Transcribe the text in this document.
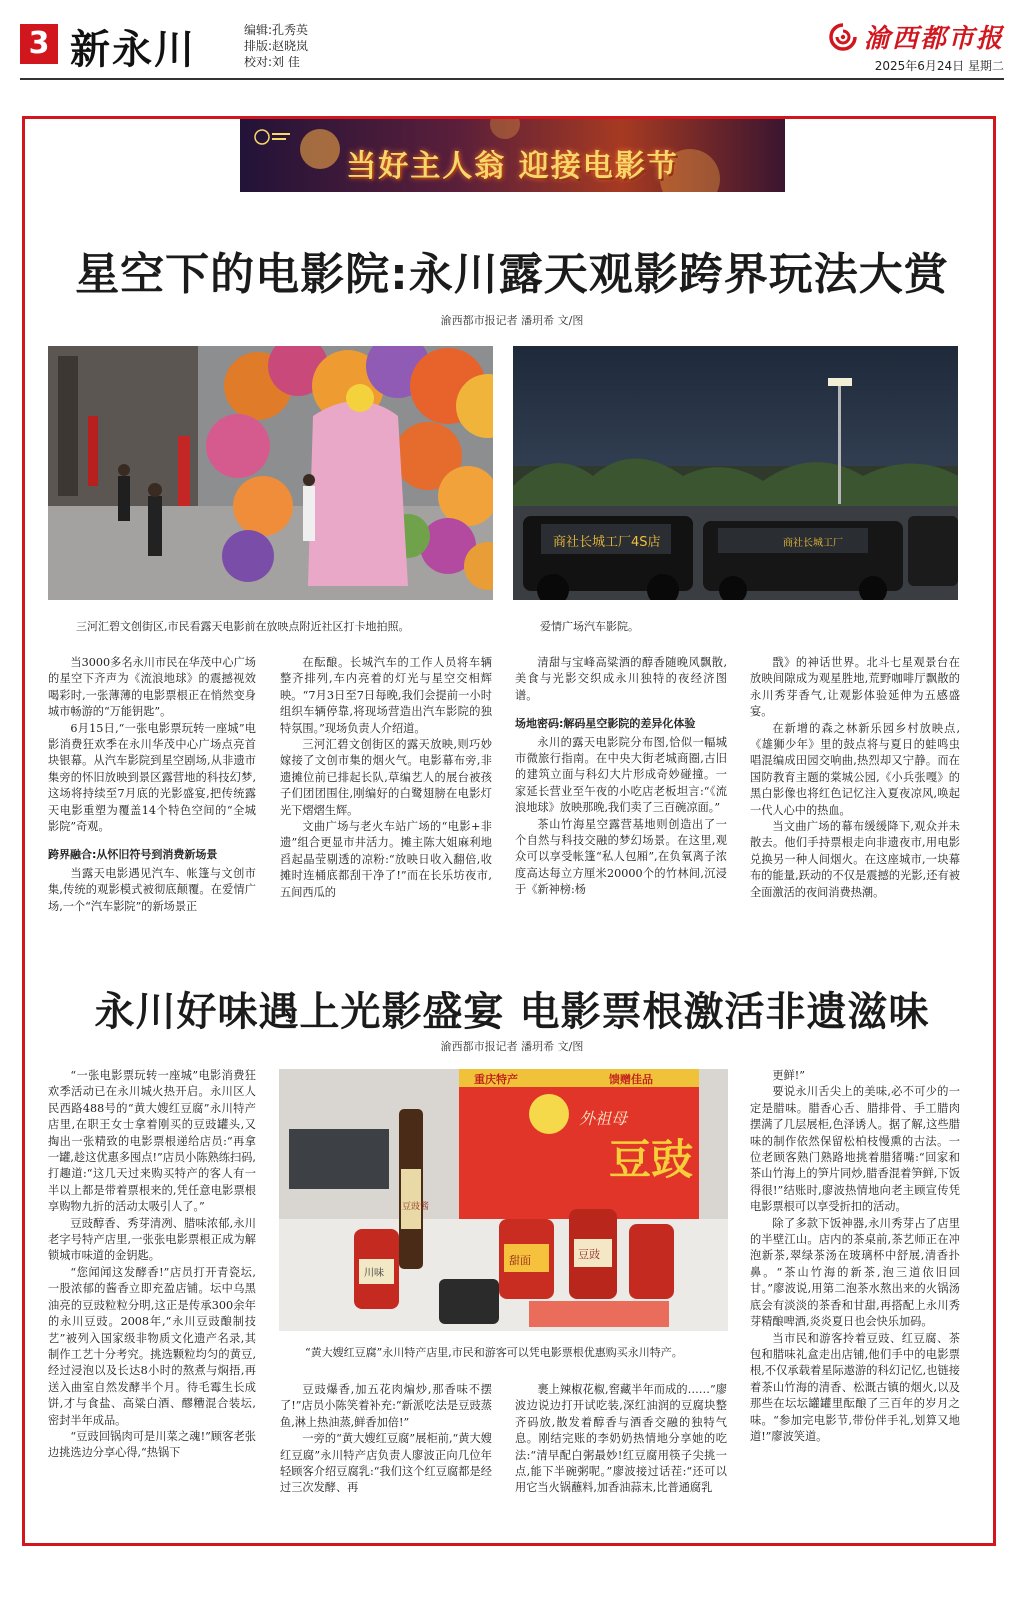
3 新永川	编辑:孔秀英
排版:赵晓岚
校对:刘 佳
渝西都市报
2025年6月24日 星期二
当好主人翁 迎接电影节
星空下的电影院:永川露天观影跨界玩法大赏
渝西都市报记者 潘玥希 文/图
商社长城工厂4S店	商社长城工厂
三河汇碧文创街区,市民看露天电影前在放映点附近社区打卡地拍照。	爱情广场汽车影院。

当3000多名永川市民在华茂中心广场的星空下齐声为《流浪地球》的震撼视效喝彩时,一张薄薄的电影票根正在悄然变身城市畅游的“万能钥匙”。

6月15日,“一张电影票玩转一座城”电影消费狂欢季在永川华茂中心广场点亮首块银幕。从汽车影院到星空剧场,从非遗市集旁的怀旧放映到景区露营地的科技幻梦,这场将持续至7月底的光影盛宴,把传统露天电影重塑为覆盖14个特色空间的“全城影院”奇观。

跨界融合:从怀旧符号到消费新场景

当露天电影遇见汽车、帐篷与文创市集,传统的观影模式被彻底颠覆。在爱情广场,一个“汽车影院”的新场景正

在酝酿。长城汽车的工作人员将车辆整齐排列,车内亮着的灯光与星空交相辉映。“7月3日至7日每晚,我们会提前一小时组织车辆停靠,将现场营造出汽车影院的独特氛围。”现场负责人介绍道。

三河汇碧文创街区的露天放映,则巧妙嫁接了文创市集的烟火气。电影幕布旁,非遗摊位前已排起长队,草编艺人的展台被孩子们团团围住,刚编好的白鹭翅膀在电影灯光下熠熠生辉。

文曲广场与老火车站广场的“电影+非遗”组合更显市井活力。摊主陈大姐麻利地舀起晶莹剔透的凉粉:“放映日收入翻倍,收摊时连桶底都刮干净了!”而在长乐坊夜市,五间西瓜的

清甜与宝峰高粱酒的醇香随晚风飘散,美食与光影交织成永川独特的夜经济图谱。

场地密码:解码星空影院的差异化体验

永川的露天电影院分布图,恰似一幅城市微旅行指南。在中央大街老城商圈,古旧的建筑立面与科幻大片形成奇妙碰撞。一家延长营业至午夜的小吃店老板坦言:“《流浪地球》放映那晚,我们卖了三百碗凉面。”

茶山竹海星空露营基地则创造出了一个自然与科技交融的梦幻场景。在这里,观众可以享受帐篷“私人包厢”,在负氧离子浓度高达每立方厘米20000个的竹林间,沉浸于《新神榜:杨

戬》的神话世界。北斗七星观景台在放映间隙成为观星胜地,荒野咖啡厅飘散的永川秀芽香气,让观影体验延伸为五感盛宴。

在新增的森之林新乐园乡村放映点,《雄狮少年》里的鼓点将与夏日的蛙鸣虫唱混编成田园交响曲,热烈却又宁静。而在国防教育主题的棠城公园,《小兵张嘎》的黑白影像也将红色记忆注入夏夜凉风,唤起一代人心中的热血。

当文曲广场的幕布缓缓降下,观众并未散去。他们手持票根走向非遗夜市,用电影兑换另一种人间烟火。在这座城市,一块幕布的能量,跃动的不仅是震撼的光影,还有被全面激活的夜间消费热潮。

永川好味遇上光影盛宴 电影票根激活非遗滋味
渝西都市报记者 潘玥希 文/图
重庆特产	馈赠佳品
外祖母
豆豉
豆豉酱
川味
甜面	豆豉
“黄大嫂红豆腐”永川特产店里,市民和游客可以凭电影票根优惠购买永川特产。

“一张电影票玩转一座城”电影消费狂欢季活动已在永川城火热开启。永川区人民西路488号的“黄大嫂红豆腐”永川特产店里,在职王女士拿着刚买的豆豉罐头,又掏出一张精致的电影票根递给店员:“再拿一罐,趁这优惠多囤点!”店员小陈熟练扫码,打趣道:“这几天过来购买特产的客人有一半以上都是带着票根来的,凭任意电影票根享购物九折的活动太吸引人了。”

豆豉醇香、秀芽清冽、腊味浓郁,永川老字号特产店里,一张张电影票根正成为解锁城市味道的金钥匙。

“您闻闻这发酵香!”店员打开青瓷坛,一股浓郁的酱香立即充盈店铺。坛中乌黑油亮的豆豉粒粒分明,这正是传承300余年的永川豆豉。2008年,“永川豆豉酿制技艺”被列入国家级非物质文化遗产名录,其制作工艺十分考究。挑选颗粒均匀的黄豆,经过浸泡以及长达8小时的熬煮与焖捂,再送入曲室自然发酵半个月。待毛霉生长成饼,才与食盐、高粱白酒、醪糟混合装坛,密封半年成品。

“豆豉回锅肉可是川菜之魂!”顾客老张边挑选边分享心得,“热锅下

豆豉爆香,加五花肉煸炒,那香味不摆了!”店员小陈笑着补充:“新派吃法是豆豉蒸鱼,淋上热油蒸,鲜香加倍!”

一旁的“黄大嫂红豆腐”展柜前,“黄大嫂红豆腐”永川特产店负责人廖波正向几位年轻顾客介绍豆腐乳:“我们这个红豆腐都是经过三次发酵、再

裹上辣椒花椒,窖藏半年而成的……”廖波边说边打开试吃装,深红油润的豆腐块整齐码放,散发着醇香与酒香交融的独特气息。刚结完账的李奶奶热情地分享她的吃法:“清早配白粥最妙!红豆腐用筷子尖挑一点,能下半碗粥呢。”廖波接过话茬:“还可以用它当火锅蘸料,加香油蒜末,比普通腐乳

更鲜!”

要说永川舌尖上的美味,必不可少的一定是腊味。腊香心舌、腊排骨、手工腊肉摆满了几层展柜,色泽诱人。据了解,这些腊味的制作依然保留松柏枝慢熏的古法。一位老顾客熟门熟路地挑着腊猪嘴:“回家和茶山竹海上的笋片同炒,腊香混着笋鲜,下饭得很!”结账时,廖波热情地向老主顾宣传凭电影票根可以享受折扣的活动。

除了多款下饭神器,永川秀芽占了店里的半壁江山。店内的茶桌前,茶艺师正在冲泡新茶,翠绿茶汤在玻璃杯中舒展,清香扑鼻。“茶山竹海的新茶,泡三道依旧回甘。”廖波说,用第二泡茶水熬出来的火锅汤底会有淡淡的茶香和甘甜,再搭配上永川秀芽精酿啤酒,炎炎夏日也会快乐加码。

当市民和游客拎着豆豉、红豆腐、茶包和腊味礼盒走出店铺,他们手中的电影票根,不仅承载着星际遨游的科幻记忆,也链接着茶山竹海的清香、松溉古镇的烟火,以及那些在坛坛罐罐里酝酿了三百年的岁月之味。“参加完电影节,带份伴手礼,划算又地道!”廖波笑道。
